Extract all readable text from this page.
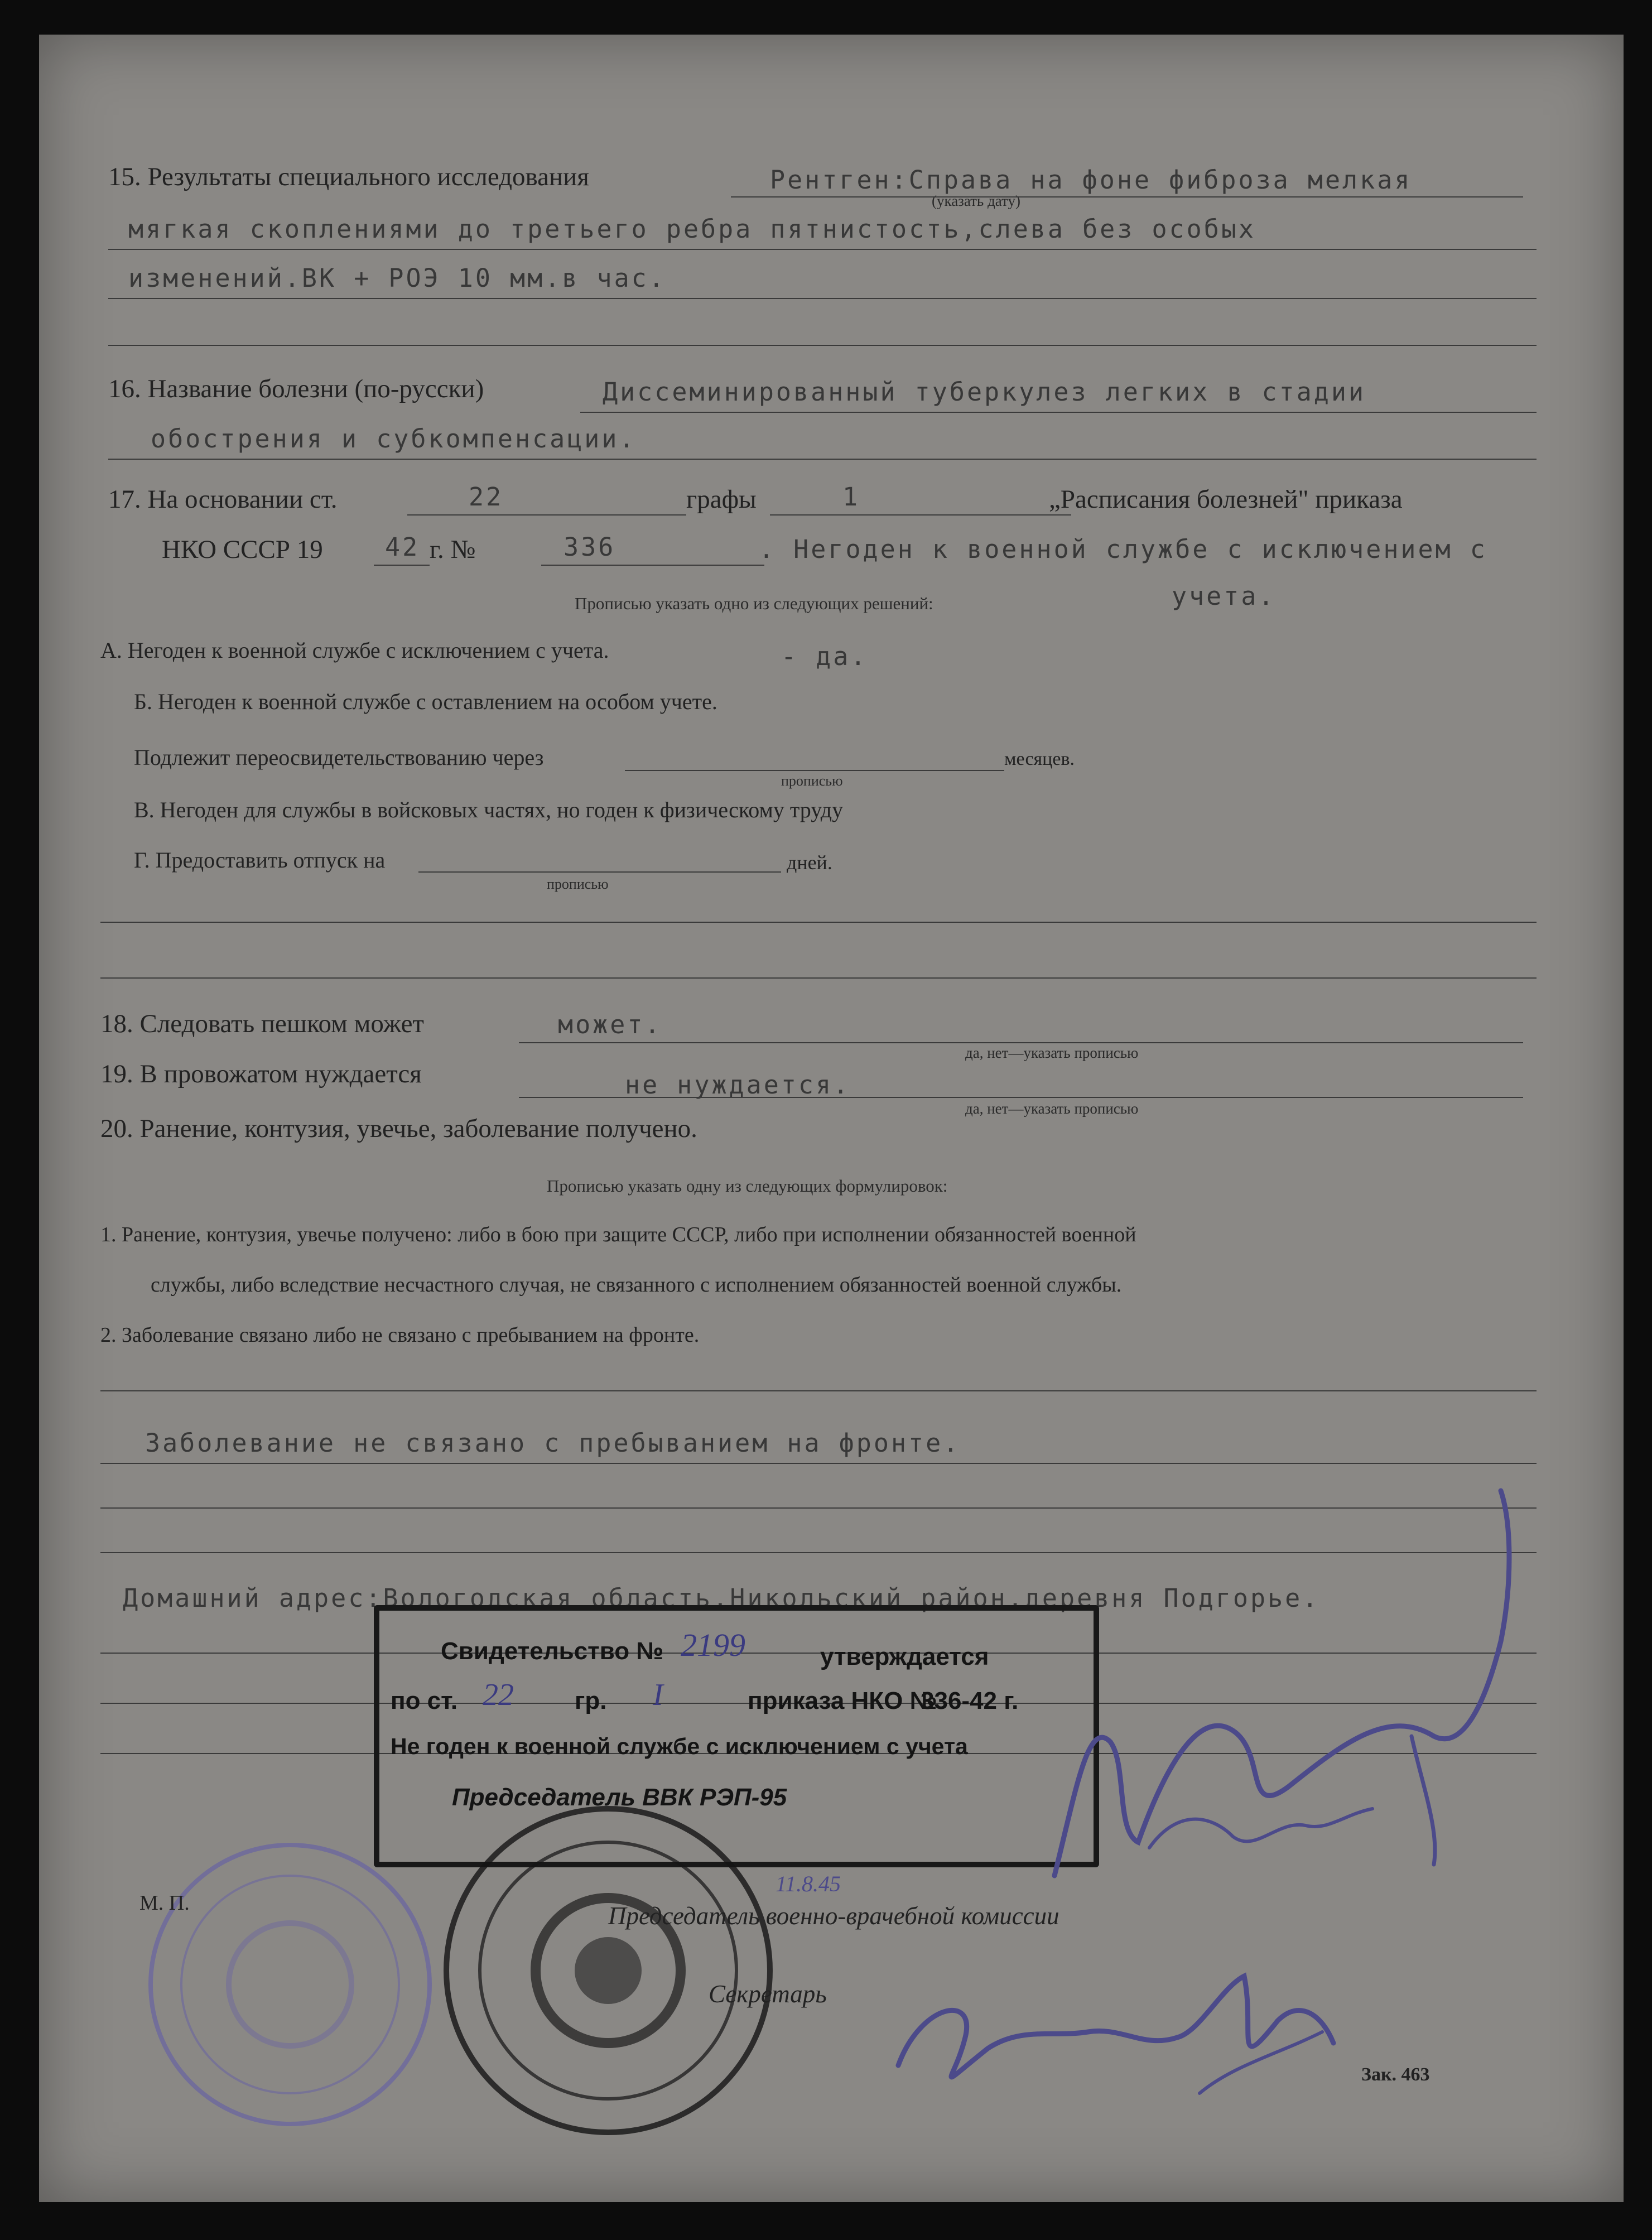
15. Результаты специального исследования
(указать дату)
Рентген:Справа на фоне фиброза мелкая
мягкая скоплениями до третьего ребра пятнистость,слева без особых
изменений.ВК + РОЭ 10 мм.в час.
16. Название болезни (по-русски)	Диссеминированный туберкулез легких в стадии
обострения и субкомпенсации.
17. На основании ст.	22	графы	1	„Расписания болезней" приказа
НКО СССР 19 42 г. №	336	. Негоден к военной службе с исключением с
учета.
Прописью указать одно из следующих решений:
А. Негоден к военной службе с исключением с учета.	- да.
Б. Негоден к военной службе с оставлением на особом учете.
Подлежит переосвидетельствованию через	месяцев.
прописью
В. Негоден для службы в войсковых частях, но годен к физическому труду
Г. Предоставить отпуск на	дней.
прописью
18. Следовать пешком может	может.
да, нет—указать прописью
19. В провожатом нуждается	не нуждается.
да, нет—указать прописью
20. Ранение, контузия, увечье, заболевание получено.
Прописью указать одну из следующих формулировок:
1. Ранение, контузия, увечье получено: либо в бою при защите СССР, либо при исполнении обязанностей военной
службы, либо вследствие несчастного случая, не связанного с исполнением обязанностей военной службы.
2. Заболевание связано либо не связано с пребыванием на фронте.
Заболевание не связано с пребыванием на фронте.
Домашний адрес:Вологодская область,Никольский район,деревня Подгорье.
Свидетельство № 2199	утверждается
по ст. 22 гр. I	приказа НКО №
336-42 г.
Не годен к военной службе с исключением с учета
Председатель ВВК РЭП-95
М. П.	Председатель военно-врачебной комиссии
Секретарь
11.8.45
Зак. 463
